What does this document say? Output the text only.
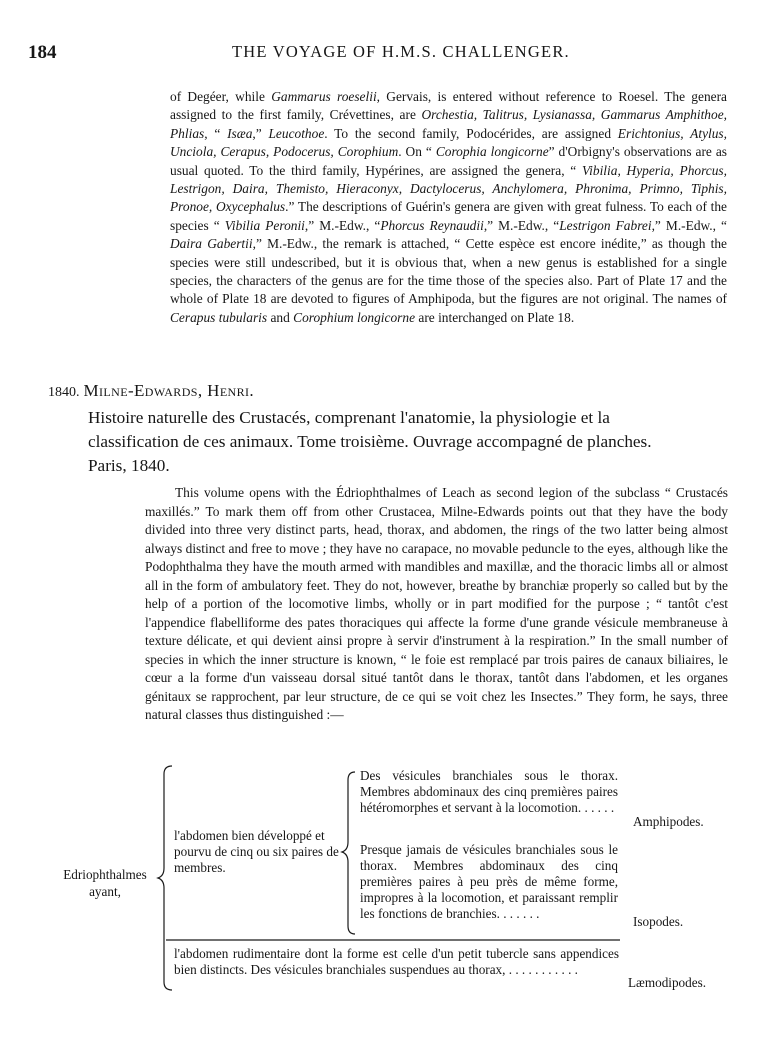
184	THE VOYAGE OF H.M.S. CHALLENGER.

of Degéer, while Gammarus roeselii, Gervais, is entered without reference to Roesel. The genera assigned to the first family, Crévettines, are Orchestia, Talitrus, Lysianassa, Gammarus Amphithoe, Phlias, “ Isæa,” Leucothoe. To the second family, Podocérides, are assigned Erichtonius, Atylus, Unciola, Cerapus, Podocerus, Corophium. On “ Corophia longicorne” d'Orbigny's observations are as usual quoted. To the third family, Hypérines, are assigned the genera, “ Vibilia, Hyperia, Phorcus, Lestrigon, Daira, Themisto, Hieraconyx, Dactylocerus, Anchylomera, Phronima, Primno, Tiphis, Pronoe, Oxycephalus.” The descriptions of Guérin's genera are given with great fulness. To each of the species “ Vibilia Peronii,” M.-Edw., “Phorcus Reynaudii,” M.-Edw., “Lestrigon Fabrei,” M.-Edw., “ Daira Gabertii,” M.-Edw., the remark is attached, “ Cette espèce est encore inédite,” as though the species were still undescribed, but it is obvious that, when a new genus is established for a single species, the characters of the genus are for the time those of the species also. Part of Plate 17 and the whole of Plate 18 are devoted to figures of Amphipoda, but the figures are not original. The names of Cerapus tubularis and Corophium longicorne are interchanged on Plate 18.

1840. Milne-Edwards, Henri.

Histoire naturelle des Crustacés, comprenant l'anatomie, la physiologie et la
classification de ces animaux. Tome troisième. Ouvrage accompagné de planches.
Paris, 1840.

This volume opens with the Édriophthalmes of Leach as second legion of the subclass “ Crustacés maxillés.” To mark them off from other Crustacea, Milne-Edwards points out that they have the body divided into three very distinct parts, head, thorax, and abdomen, the rings of the two latter being almost always distinct and free to move ; they have no carapace, no movable peduncle to the eyes, although like the Podophthalma they have the mouth armed with mandibles and maxillæ, and the thoracic limbs all or almost all in the form of ambulatory feet. They do not, however, breathe by branchiæ properly so called but by the help of a portion of the locomotive limbs, wholly or in part modified for the purpose ; “ tantôt c'est l'appendice flabelliforme des pates thoraciques qui affecte la forme d'une grande vésicule membraneuse à texture délicate, et qui devient ainsi propre à servir d'instrument à la respiration.” In the small number of species in which the inner structure is known, “ le foie est remplacé par trois paires de canaux biliaires, le cœur a la forme d'un vaisseau dorsal situé tantôt dans le thorax, tantôt dans l'abdomen, et les organes génitaux se rapprochent, par leur structure, de ce qui se voit chez les Insectes.” They form, he says, three natural classes thus distinguished :—

Edriophthalmes ayant,

l'abdomen bien développé et pourvu de cinq ou six paires de membres.

Des vésicules branchiales sous le thorax. Membres abdominaux des cinq premières paires hétéromorphes et servant à la locomotion. . . . . .

Amphipodes.

Presque jamais de vésicules branchiales sous le thorax. Membres abdominaux des cinq premières paires à peu près de même forme, impropres à la locomotion, et paraissant remplir les fonctions de branchies. . . . . . .

Isopodes.

l'abdomen rudimentaire dont la forme est celle d'un petit tubercle sans appendices bien distincts. Des vésicules branchiales suspendues au thorax, . . . . . . . . . . .

Læmodipodes.
